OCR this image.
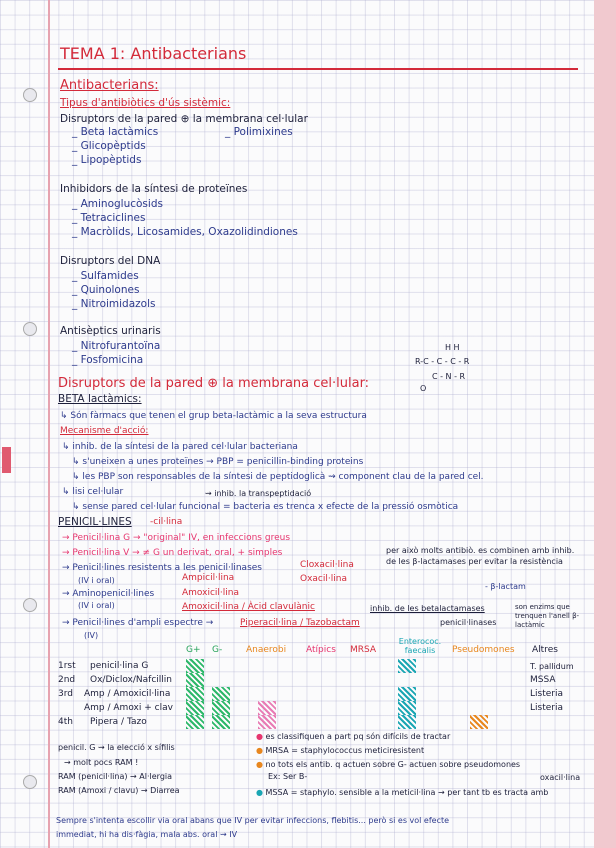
TEMA 1: Antibacterians
Antibacterians:
Tipus d'antibiòtics d'ús sistèmic:
Disruptors de la pared ⊕ la membrana cel·lular
_ Beta lactàmics
_ Glicopèptids
_ Lipopèptids
_ Polimixines
Inhibidors de la síntesi de proteïnes
_ Aminoglucòsids
_ Tetraciclines
_ Macròlids, Licosamides, Oxazolidindiones
Disruptors del DNA
_ Sulfamides
_ Quinolones
_ Nitroimidazols
Antisèptics urinaris
_ Nitrofurantoïna
_ Fosfomicina
H H
R-C - C - C - R
C - N - R
O
Disruptors de la pared ⊕ la membrana cel·lular:
BETA lactàmics:
↳ Són fàrmacs que tenen el grup beta-lactàmic a la seva estructura
Mecanisme d'acció:
↳ inhib. de la síntesi de la pared cel·lular bacteriana
↳ s'uneixen a unes proteïnes → PBP = penicillin-binding proteins
↳ les PBP son responsables de la síntesi de peptidoglicà ⇝ component clau de la pared cel.
↳ lisi cel·lular	⇝ inhib. la transpeptidació
↳ sense pared cel·lular funcional = bacteria es trenca x efecte de la pressió osmòtica
PENICIL·LINES -cil·lina
→ Penicil·lina G → "original" IV, en infeccions greus
→ Penicil·lina V → ≠ G un derivat, oral, + simples
→ Penicil·lines resistents a les penicil·linases
(IV i oral)
Cloxacil·lina
Oxacil·lina
per això molts antibiò. es combinen amb inhib. de les β-lactamases per evitar la resistència
Ampicil·lina
→ Aminopenicil·lines	Amoxicil·lina
(IV i oral)	Amoxicil·lina / Àcid clavulànic
- β-lactam
inhib. de les betalactamases
penicil·linases
son enzims que trenquen l'anell β-lactàmic
→ Penicil·lines d'ampli espectre →
(IV)
Piperacil·lina / Tazobactam
G+ G-	Anaerobi Atípics MRSA
Enterococ. faecalis	Pseudomones Altres
1rst penicil·lina G	T. pallidum
2nd Ox/Diclox/Nafcillin	MSSA
3rd Amp / Amoxicil·lina	Listeria
Amp / Amoxi + clav	Listeria
4th Pipera / Tazo
penicil. G ⇝ la elecció x sífilis
→ molt pocs RAM !
RAM (penicil·lina) → Al·lergia
RAM (Amoxi / clavu) → Diarrea
● es classifiquen a part pq són difícils de tractar
● MRSA = staphylococcus meticiresistent
● no tots els antib. q actuen sobre G- actuen sobre pseudomones
Ex: Ser B-
● MSSA = staphylo. sensible a la meticil·lina → per tant tb es tracta amb
oxacil·lina
Sempre s'intenta escollir via oral abans que IV per evitar infeccions, flebitis... però si es vol efecte
immediat, hi ha dis·fàgia, mala abs. oral ⇝ IV
